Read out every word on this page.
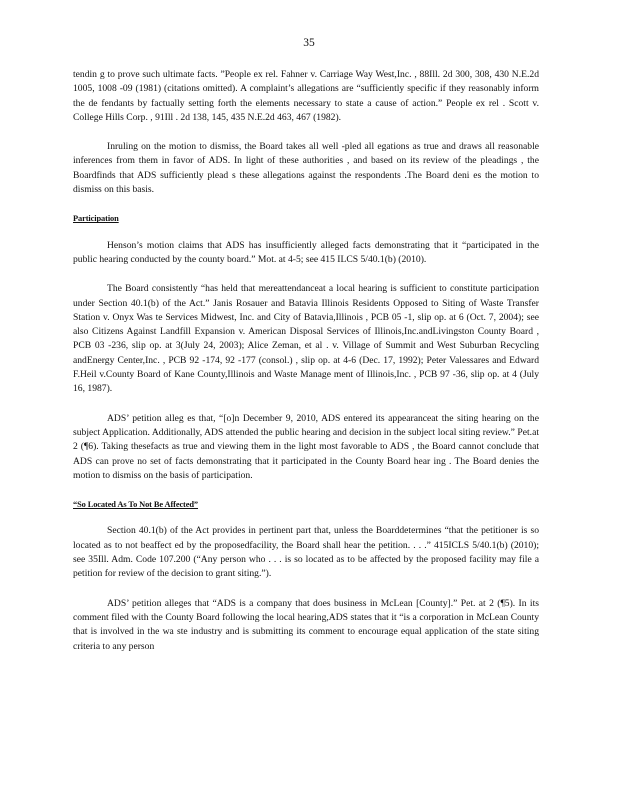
35

tendin g to prove such ultimate facts. ”People ex rel. Fahner v. Carriage Way West,Inc. , 88Ill. 2d 300, 308, 430 N.E.2d 1005, 1008 -09 (1981) (citations omitted). A complaint’s allegations are “sufficiently specific if they reasonably inform the de fendants by factually setting forth the elements necessary to state a cause of action.” People ex rel . Scott v. College Hills Corp. , 91Ill . 2d 138, 145, 435 N.E.2d 463, 467 (1982).

Inruling on the motion to dismiss, the Board takes all well -pled all egations as true and draws all reasonable inferences from them in favor of ADS. In light of these authorities , and based on its review of the pleadings , the Boardfinds that ADS sufficiently plead s these allegations against the respondents .The Board deni es the motion to dismiss on this basis.

Participation

Henson’s motion claims that ADS has insufficiently alleged facts demonstrating that it “participated in the public hearing conducted by the county board.” Mot. at 4-5; see 415 ILCS 5/40.1(b) (2010).

The Board consistently “has held that mereattendanceat a local hearing is sufficient to constitute participation under Section 40.1(b) of the Act.” Janis Rosauer and Batavia Illinois Residents Opposed to Siting of Waste Transfer Station v. Onyx Was te Services Midwest, Inc. and City of Batavia,Illinois , PCB 05 -1, slip op. at 6 (Oct. 7, 2004); see also Citizens Against Landfill Expansion v. American Disposal Services of Illinois,Inc.andLivingston County Board , PCB 03 -236, slip op. at 3(July 24, 2003); Alice Zeman, et al . v. Village of Summit and West Suburban Recycling andEnergy Center,Inc. , PCB 92 -174, 92 -177 (consol.) , slip op. at 4-6 (Dec. 17, 1992); Peter Valessares and Edward F.Heil v.County Board of Kane County,Illinois and Waste Manage ment of Illinois,Inc. , PCB 97 -36, slip op. at 4 (July 16, 1987).

ADS’ petition alleg es that, “[o]n December 9, 2010, ADS entered its appearanceat the siting hearing on the subject Application. Additionally, ADS attended the public hearing and decision in the subject local siting review.” Pet.at 2 (¶6). Taking thesefacts as true and viewing them in the light most favorable to ADS , the Board cannot conclude that ADS can prove no set of facts demonstrating that it participated in the County Board hear ing . The Board denies the motion to dismiss on the basis of participation.

“So Located As To Not Be Affected”

Section 40.1(b) of the Act provides in pertinent part that, unless the Boarddetermines “that the petitioner is so located as to not beaffect ed by the proposedfacility, the Board shall hear the petition. . . .” 415ICLS 5/40.1(b) (2010); see 35Ill. Adm. Code 107.200 (“Any person who . . . is so located as to be affected by the proposed facility may file a petition for review of the decision to grant siting.”).

ADS’ petition alleges that “ADS is a company that does business in McLean [County].” Pet. at 2 (¶5). In its comment filed with the County Board following the local hearing,ADS states that it “is a corporation in McLean County that is involved in the wa ste industry and is submitting its comment to encourage equal application of the state siting criteria to any person
